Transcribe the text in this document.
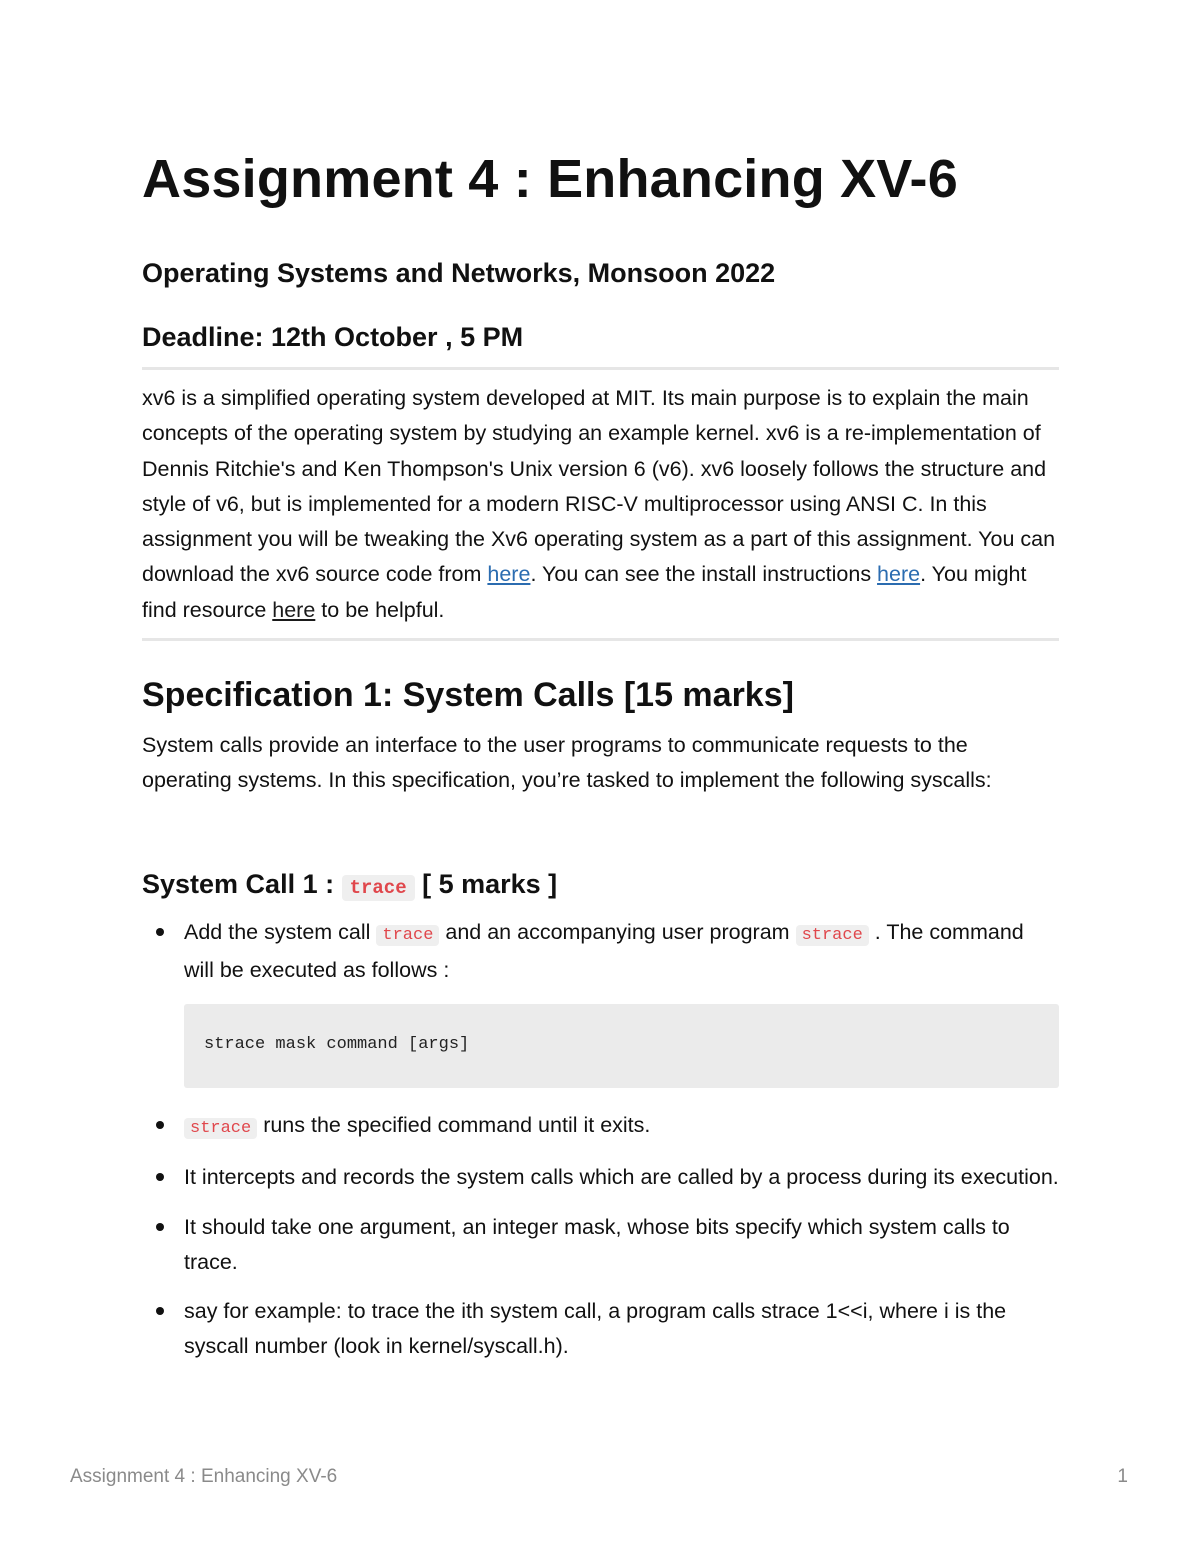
Assignment 4 : Enhancing XV-6

Operating Systems and Networks, Monsoon 2022

Deadline: 12th October , 5 PM

xv6 is a simplified operating system developed at MIT. Its main purpose is to explain the main concepts of the operating system by studying an example kernel. xv6 is a re-implementation of Dennis Ritchie's and Ken Thompson's Unix version 6 (v6). xv6 loosely follows the structure and style of v6, but is implemented for a modern RISC-V multiprocessor using ANSI C. In this assignment you will be tweaking the Xv6 operating system as a part of this assignment. You can download the xv6 source code from here. You can see the install instructions here. You might find resource here to be helpful.

Specification 1: System Calls [15 marks]

System calls provide an interface to the user programs to communicate requests to the operating systems. In this specification, you’re tasked to implement the following syscalls:

System Call 1 : trace [ 5 marks ]
Add the system call trace and an accompanying user program strace . The command will be executed as follows :
strace mask command [args]
strace runs the specified command until it exits.
It intercepts and records the system calls which are called by a process during its execution.
It should take one argument, an integer mask, whose bits specify which system calls to trace.
say for example: to trace the ith system call, a program calls strace 1<<i, where i is the syscall number (look in kernel/syscall.h).
Assignment 4 : Enhancing XV-6	1
